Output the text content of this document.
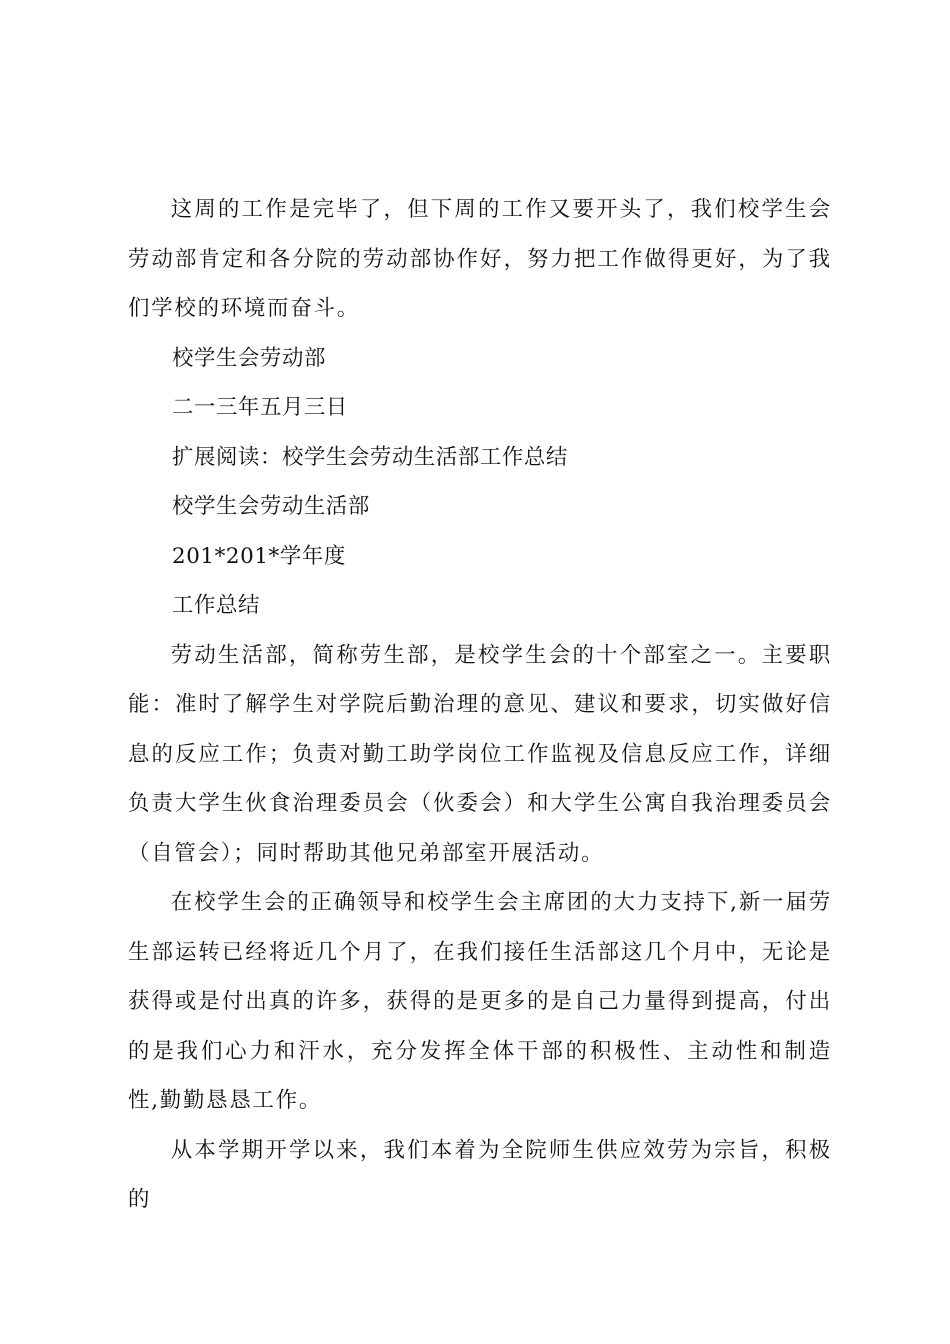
这周的工作是完毕了，但下周的工作又要开头了，我们校学生会劳动部肯定和各分院的劳动部协作好，努力把工作做得更好，为了我们学校的环境而奋斗。

校学生会劳动部

二一三年五月三日

扩展阅读：校学生会劳动生活部工作总结

校学生会劳动生活部

201*201*学年度

工作总结

劳动生活部，简称劳生部，是校学生会的十个部室之一。主要职能：准时了解学生对学院后勤治理的意见、建议和要求，切实做好信息的反应工作；负责对勤工助学岗位工作监视及信息反应工作，详细负责大学生伙食治理委员会（伙委会）和大学生公寓自我治理委员会（自管会）；同时帮助其他兄弟部室开展活动。

在校学生会的正确领导和校学生会主席团的大力支持下,新一届劳生部运转已经将近几个月了，在我们接任生活部这几个月中，无论是获得或是付出真的许多，获得的是更多的是自己力量得到提高，付出的是我们心力和汗水，充分发挥全体干部的积极性、主动性和制造性,勤勤恳恳工作。

从本学期开学以来，我们本着为全院师生供应效劳为宗旨，积极的
